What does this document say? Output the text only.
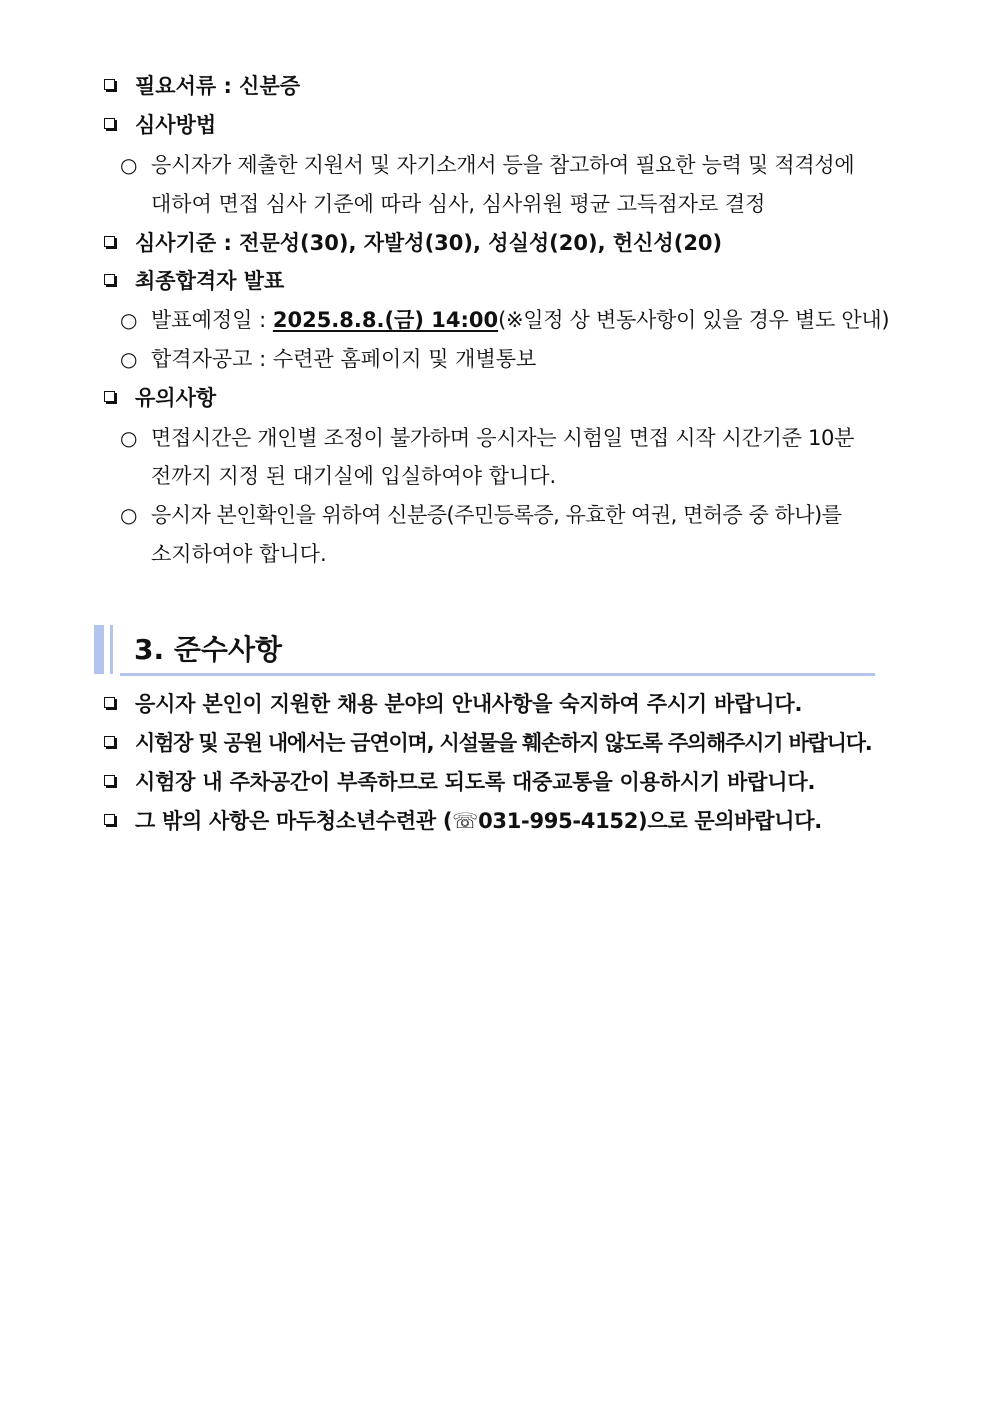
필요서류 : 신분증
심사방법
○ 응시자가 제출한 지원서 및 자기소개서 등을 참고하여 필요한 능력 및 적격성에
대하여 면접 심사 기준에 따라 심사, 심사위원 평균 고득점자로 결정
심사기준 : 전문성(30), 자발성(30), 성실성(20), 헌신성(20)
최종합격자 발표
○ 발표예정일 : 2025.8.8.(금) 14:00(※일정 상 변동사항이 있을 경우 별도 안내)
○ 합격자공고 : 수련관 홈페이지 및 개별통보
유의사항
○ 면접시간은 개인별 조정이 불가하며 응시자는 시험일 면접 시작 시간기준 10분
전까지 지정 된 대기실에 입실하여야 합니다.
○ 응시자 본인확인을 위하여 신분증(주민등록증, 유효한 여권, 면허증 중 하나)를
소지하여야 합니다.
3. 준수사항
응시자 본인이 지원한 채용 분야의 안내사항을 숙지하여 주시기 바랍니다.
시험장 및 공원 내에서는 금연이며, 시설물을 훼손하지 않도록 주의해주시기 바랍니다.
시험장 내 주차공간이 부족하므로 되도록 대중교통을 이용하시기 바랍니다.
그 밖의 사항은 마두청소년수련관 (☏031-995-4152)으로 문의바랍니다.
